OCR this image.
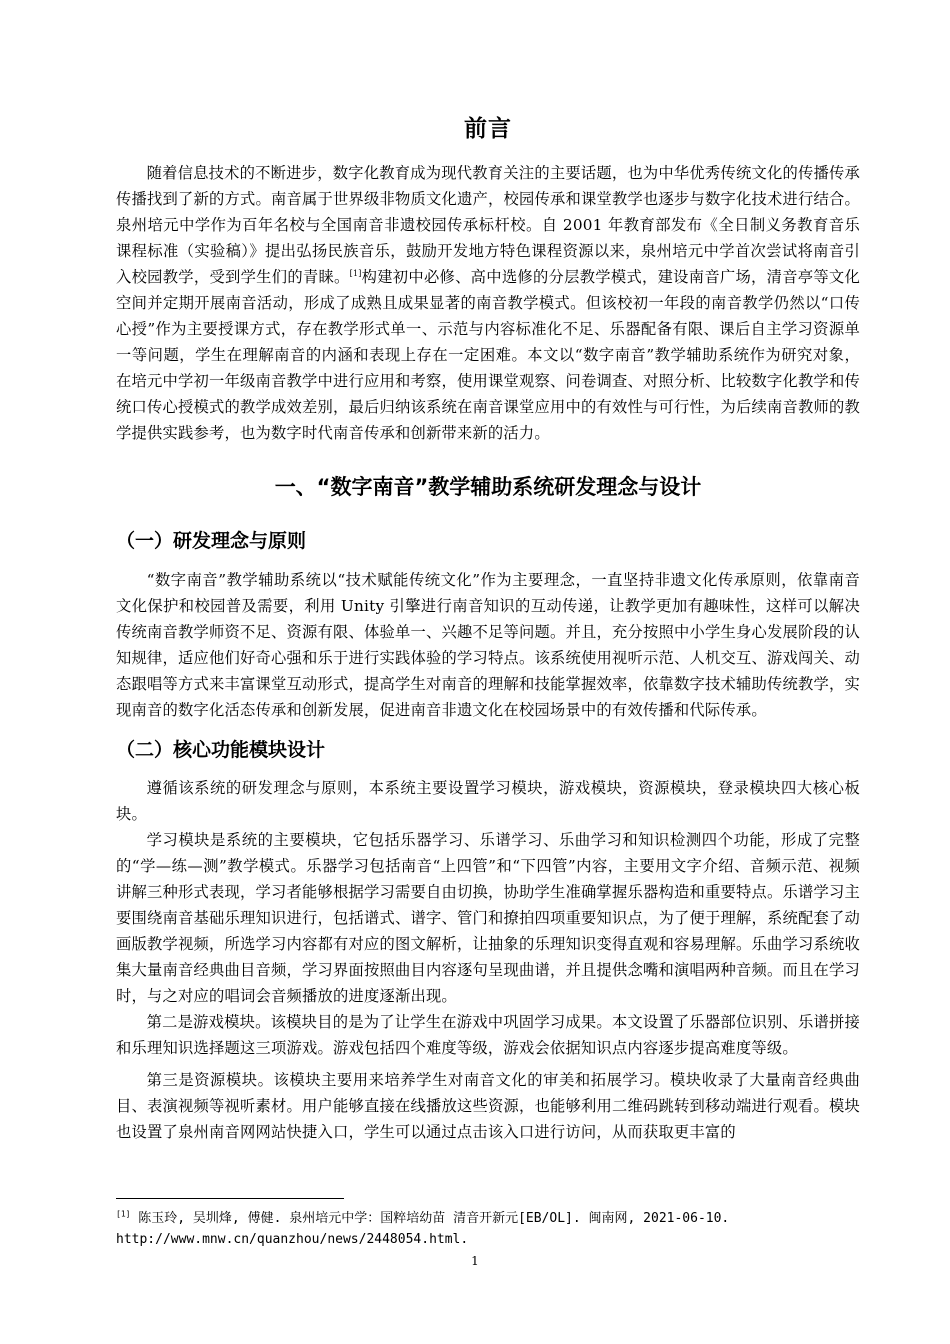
前言

随着信息技术的不断进步，数字化教育成为现代教育关注的主要话题，也为中华优秀传统文化的传播传承传播找到了新的方式。南音属于世界级非物质文化遗产，校园传承和课堂教学也逐步与数字化技术进行结合。泉州培元中学作为百年名校与全国南音非遗校园传承标杆校。自 2001 年教育部发布《全日制义务教育音乐课程标准（实验稿）》提出弘扬民族音乐，鼓励开发地方特色课程资源以来，泉州培元中学首次尝试将南音引入校园教学，受到学生们的青睐。[1]构建初中必修、高中选修的分层教学模式，建设南音广场，清音亭等文化空间并定期开展南音活动，形成了成熟且成果显著的南音教学模式。但该校初一年段的南音教学仍然以“口传心授”作为主要授课方式，存在教学形式单一、示范与内容标准化不足、乐器配备有限、课后自主学习资源单一等问题，学生在理解南音的内涵和表现上存在一定困难。本文以“数字南音”教学辅助系统作为研究对象，在培元中学初一年级南音教学中进行应用和考察，使用课堂观察、问卷调查、对照分析、比较数字化教学和传统口传心授模式的教学成效差别，最后归纳该系统在南音课堂应用中的有效性与可行性，为后续南音教师的教学提供实践参考，也为数字时代南音传承和创新带来新的活力。

一、“数字南音”教学辅助系统研发理念与设计
（一）研发理念与原则

“数字南音”教学辅助系统以“技术赋能传统文化”作为主要理念，一直坚持非遗文化传承原则，依靠南音文化保护和校园普及需要，利用 Unity 引擎进行南音知识的互动传递，让教学更加有趣味性，这样可以解决传统南音教学师资不足、资源有限、体验单一、兴趣不足等问题。并且，充分按照中小学生身心发展阶段的认知规律，适应他们好奇心强和乐于进行实践体验的学习特点。该系统使用视听示范、人机交互、游戏闯关、动态跟唱等方式来丰富课堂互动形式，提高学生对南音的理解和技能掌握效率，依靠数字技术辅助传统教学，实现南音的数字化活态传承和创新发展，促进南音非遗文化在校园场景中的有效传播和代际传承。

（二）核心功能模块设计

遵循该系统的研发理念与原则，本系统主要设置学习模块，游戏模块，资源模块，登录模块四大核心板块。

学习模块是系统的主要模块，它包括乐器学习、乐谱学习、乐曲学习和知识检测四个功能，形成了完整的“学—练—测”教学模式。乐器学习包括南音“上四管”和“下四管”内容，主要用文字介绍、音频示范、视频讲解三种形式表现，学习者能够根据学习需要自由切换，协助学生准确掌握乐器构造和重要特点。乐谱学习主要围绕南音基础乐理知识进行，包括谱式、谱字、管门和撩拍四项重要知识点，为了便于理解，系统配套了动画版教学视频，所选学习内容都有对应的图文解析，让抽象的乐理知识变得直观和容易理解。乐曲学习系统收集大量南音经典曲目音频，学习界面按照曲目内容逐句呈现曲谱，并且提供念嘴和演唱两种音频。而且在学习时，与之对应的唱词会音频播放的进度逐渐出现。

第二是游戏模块。该模块目的是为了让学生在游戏中巩固学习成果。本文设置了乐器部位识别、乐谱拼接和乐理知识选择题这三项游戏。游戏包括四个难度等级，游戏会依据知识点内容逐步提高难度等级。

第三是资源模块。该模块主要用来培养学生对南音文化的审美和拓展学习。模块收录了大量南音经典曲目、表演视频等视听素材。用户能够直接在线播放这些资源，也能够利用二维码跳转到移动端进行观看。模块也设置了泉州南音网网站快捷入口，学生可以通过点击该入口进行访问，从而获取更丰富的

[1] 陈玉玲, 吴圳烽, 傅健. 泉州培元中学：国粹培幼苗 清音开新元[EB/OL]. 闽南网, 2021-06-10.
http://www.mnw.cn/quanzhou/news/2448054.html.
1
